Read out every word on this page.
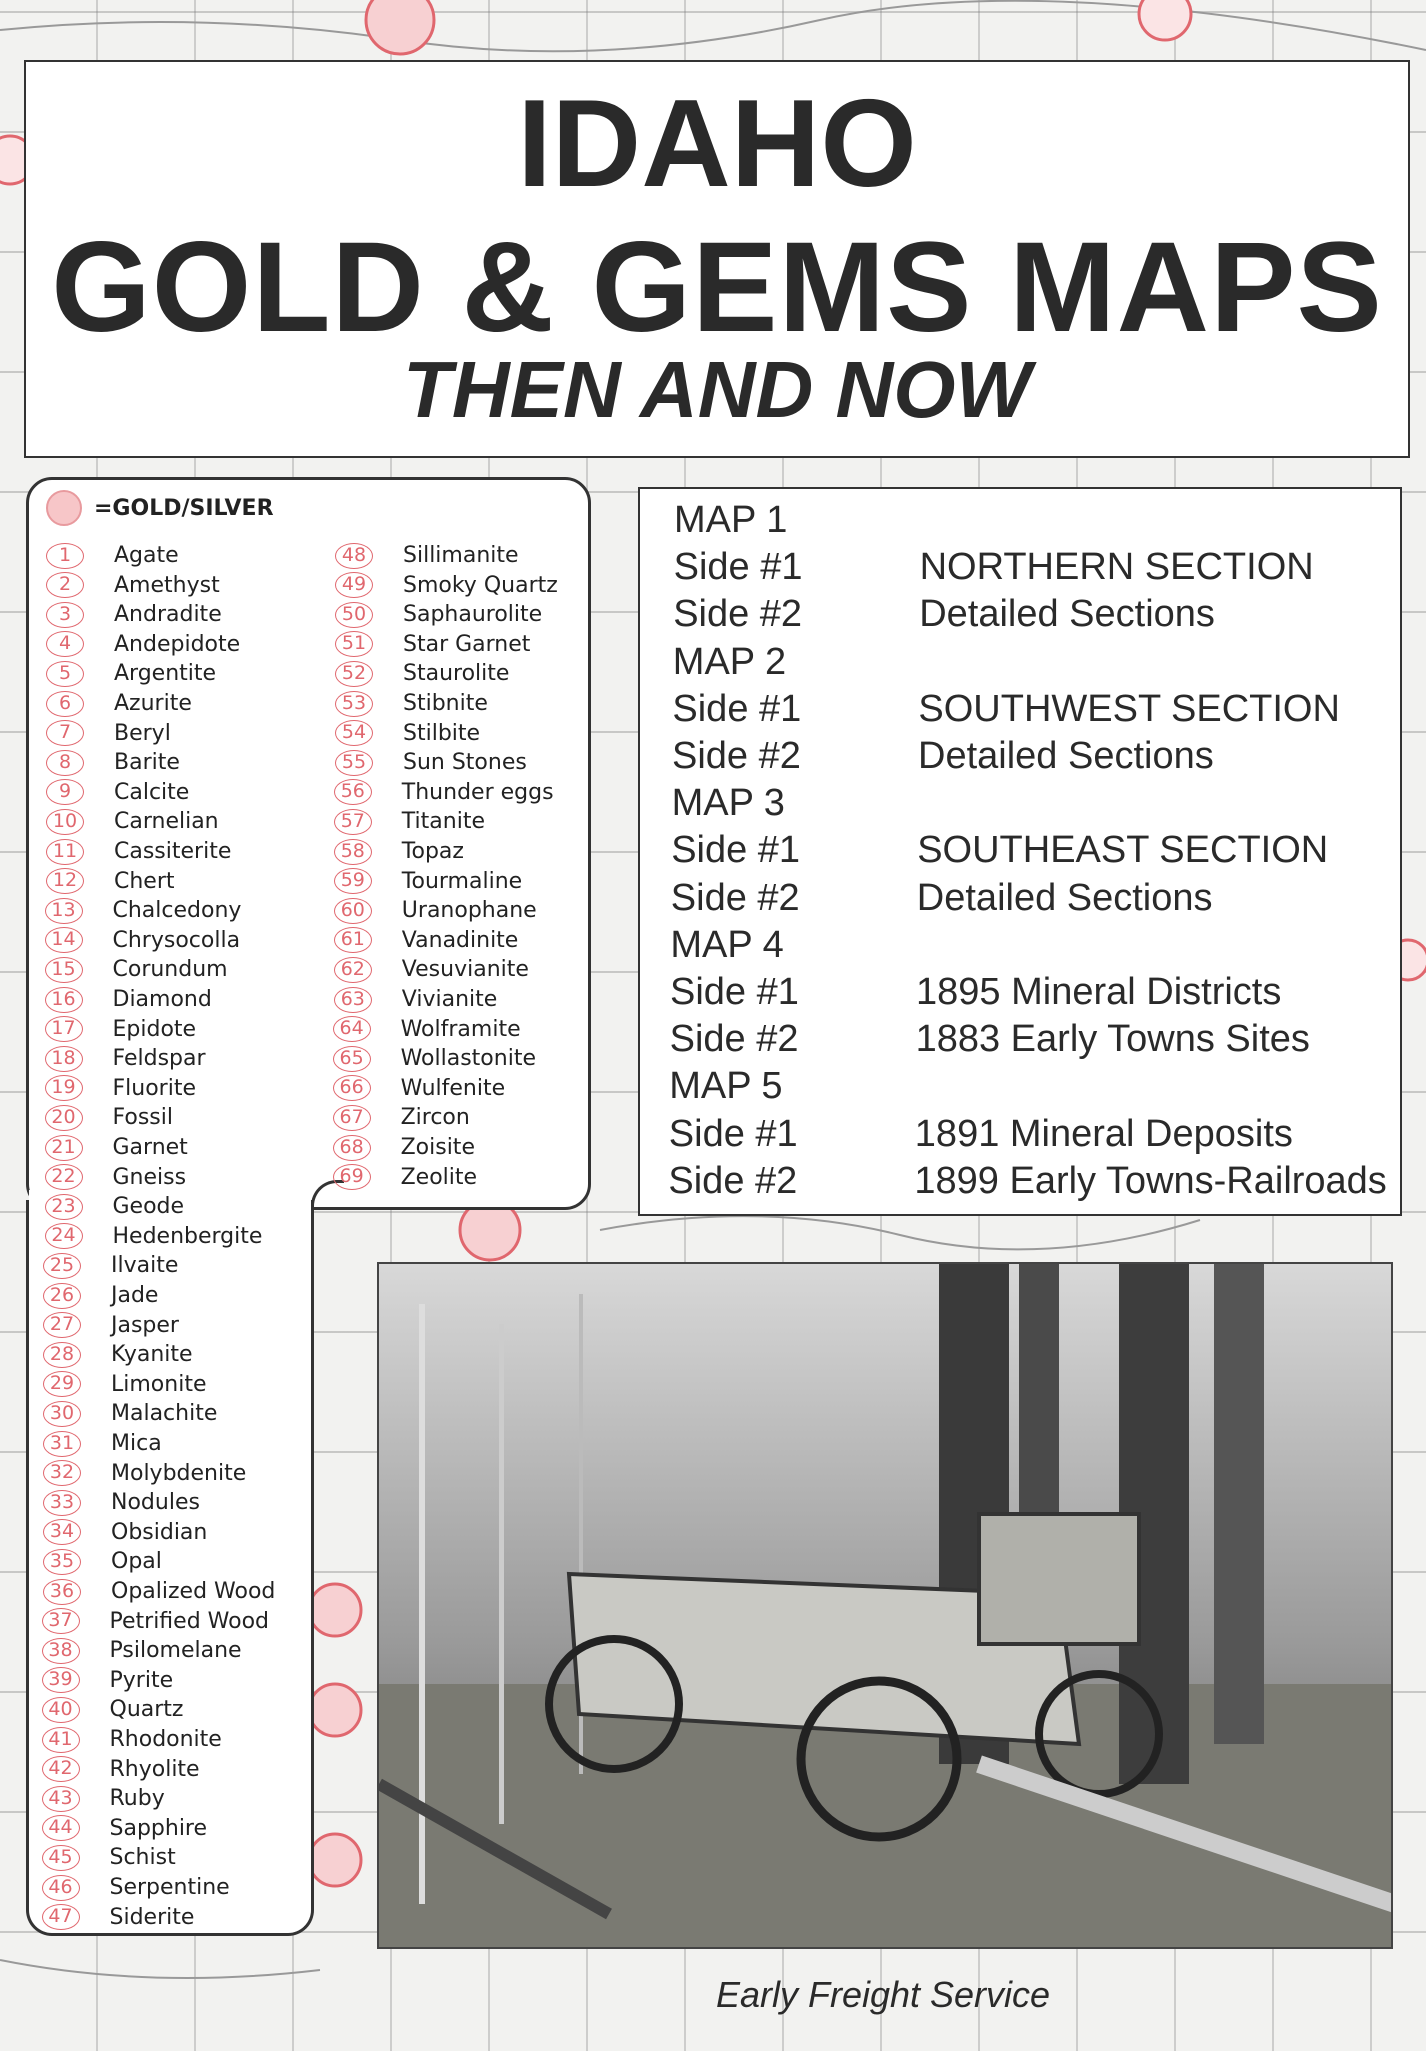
IDAHO
GOLD & GEMS MAPS
THEN AND NOW
=GOLD/SILVER
1	Agate
2	Amethyst
3	Andradite
4	Andepidote
5	Argentite
6	Azurite
7	Beryl
8	Barite
9	Calcite
10	Carnelian
11	Cassiterite
12	Chert
13	Chalcedony
14	Chrysocolla
15	Corundum
16	Diamond
17	Epidote
18	Feldspar
19	Fluorite
20	Fossil
21	Garnet
22	Gneiss
23	Geode
24	Hedenbergite
25	Ilvaite
26	Jade
27	Jasper
28	Kyanite
29	Limonite
30	Malachite
31	Mica
32	Molybdenite
33	Nodules
34	Obsidian
35	Opal
36	Opalized Wood
37	Petrified Wood
38	Psilomelane
39	Pyrite
40	Quartz
41	Rhodonite
42	Rhyolite
43	Ruby
44	Sapphire
45	Schist
46	Serpentine
47	Siderite
48	Sillimanite
49	Smoky Quartz
50	Saphaurolite
51	Star Garnet
52	Staurolite
53	Stibnite
54	Stilbite
55	Sun Stones
56	Thunder eggs
57	Titanite
58	Topaz
59	Tourmaline
60	Uranophane
61	Vanadinite
62	Vesuvianite
63	Vivianite
64	Wolframite
65	Wollastonite
66	Wulfenite
67	Zircon
68	Zoisite
69	Zeolite
MAP 1
Side #1	NORTHERN SECTION
Side #2	Detailed Sections
MAP 2
Side #1	SOUTHWEST SECTION
Side #2	Detailed Sections
MAP 3
Side #1	SOUTHEAST SECTION
Side #2	Detailed Sections
MAP 4
Side #1	1895 Mineral Districts
Side #2	1883 Early Towns Sites
MAP 5
Side #1	1891 Mineral Deposits
Side #2	1899 Early Towns-Railroads
Early Freight Service
